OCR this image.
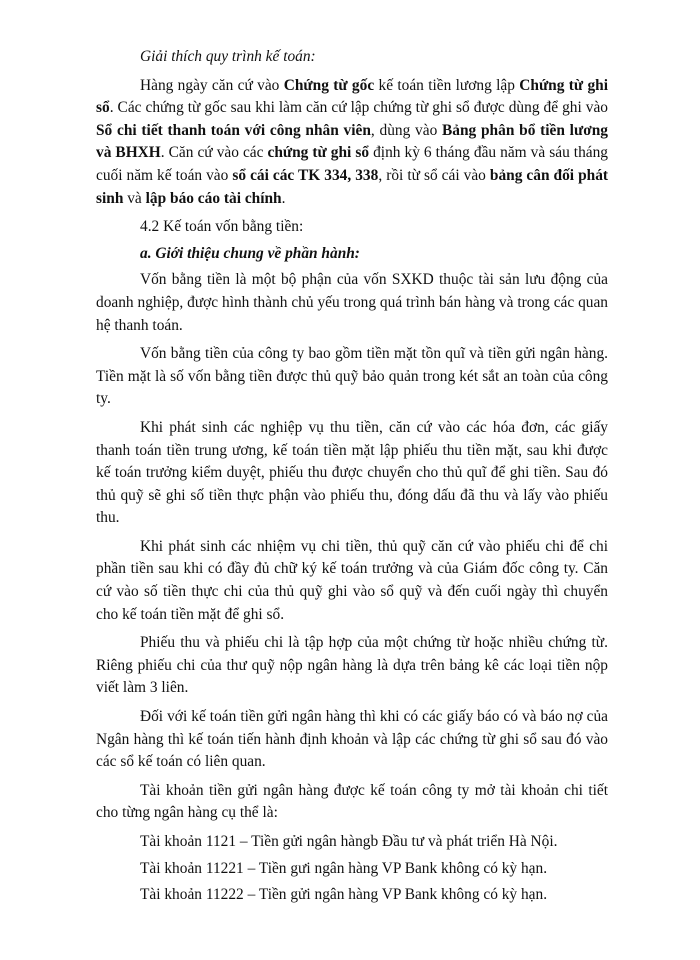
Giải thích quy trình kế toán:

Hàng ngày căn cứ vào Chứng từ gốc kế toán tiền lương lập Chứng từ ghi sổ. Các chứng từ gốc sau khi làm căn cứ lập chứng từ ghi sổ được dùng để ghi vào Sổ chi tiết thanh toán với công nhân viên, dùng vào Bảng phân bổ tiền lương và BHXH. Căn cứ vào các chứng từ ghi sổ định kỳ 6 tháng đầu năm và sáu tháng cuối năm kế toán vào sổ cái các TK 334, 338, rồi từ sổ cái vào bảng cân đối phát sinh và lập báo cáo tài chính.

4.2 Kế toán vốn bằng tiền:

a. Giới thiệu chung về phần hành:

Vốn bằng tiền là một bộ phận của vốn SXKD thuộc tài sản lưu động của doanh nghiệp, được hình thành chủ yếu trong quá trình bán hàng và trong các quan hệ thanh toán.

Vốn bằng tiền của công ty bao gồm tiền mặt tồn quĩ và tiền gửi ngân hàng. Tiền mặt là số vốn bằng tiền được thủ quỹ bảo quản trong két sắt an toàn của công ty.

Khi phát sinh các nghiệp vụ thu tiền, căn cứ vào các hóa đơn, các giấy thanh toán tiền trung ương, kế toán tiền mặt lập phiếu thu tiền mặt, sau khi được kế toán trưởng kiểm duyệt, phiếu thu được chuyển cho thủ quĩ để ghi tiền. Sau đó thủ quỹ sẽ ghi số tiền thực phận vào phiếu thu, đóng dấu đã thu và lấy vào phiếu thu.

Khi phát sinh các nhiệm vụ chi tiền, thủ quỹ căn cứ vào phiếu chi để chi phần tiền sau khi có đầy đủ chữ ký kế toán trưởng và của Giám đốc công ty. Căn cứ vào số tiền thực chi của thủ quỹ ghi vào sổ quỹ và đến cuối ngày thì chuyển cho kế toán tiền mặt để ghi sổ.

Phiếu thu và phiếu chi là tập hợp của một chứng từ hoặc nhiều chứng từ. Riêng phiếu chi của thư quỹ nộp ngân hàng là dựa trên bảng kê các loại tiền nộp viết làm 3 liên.

Đối với kế toán tiền gửi ngân hàng thì khi có các giấy báo có và báo nợ của Ngân hàng thì kế toán tiến hành định khoản và lập các chứng từ ghi sổ sau đó vào các sổ kế toán có liên quan.

Tài khoản tiền gửi ngân hàng được kế toán công ty mở tài khoản chi tiết cho từng ngân hàng cụ thể là:

Tài khoản 1121 – Tiền gửi ngân hàngb Đầu tư và phát triển Hà Nội.

Tài khoản 11221 – Tiền gưi ngân hàng VP Bank không có kỳ hạn.

Tài khoản 11222 – Tiền gửi ngân hàng VP Bank không có kỳ hạn.
